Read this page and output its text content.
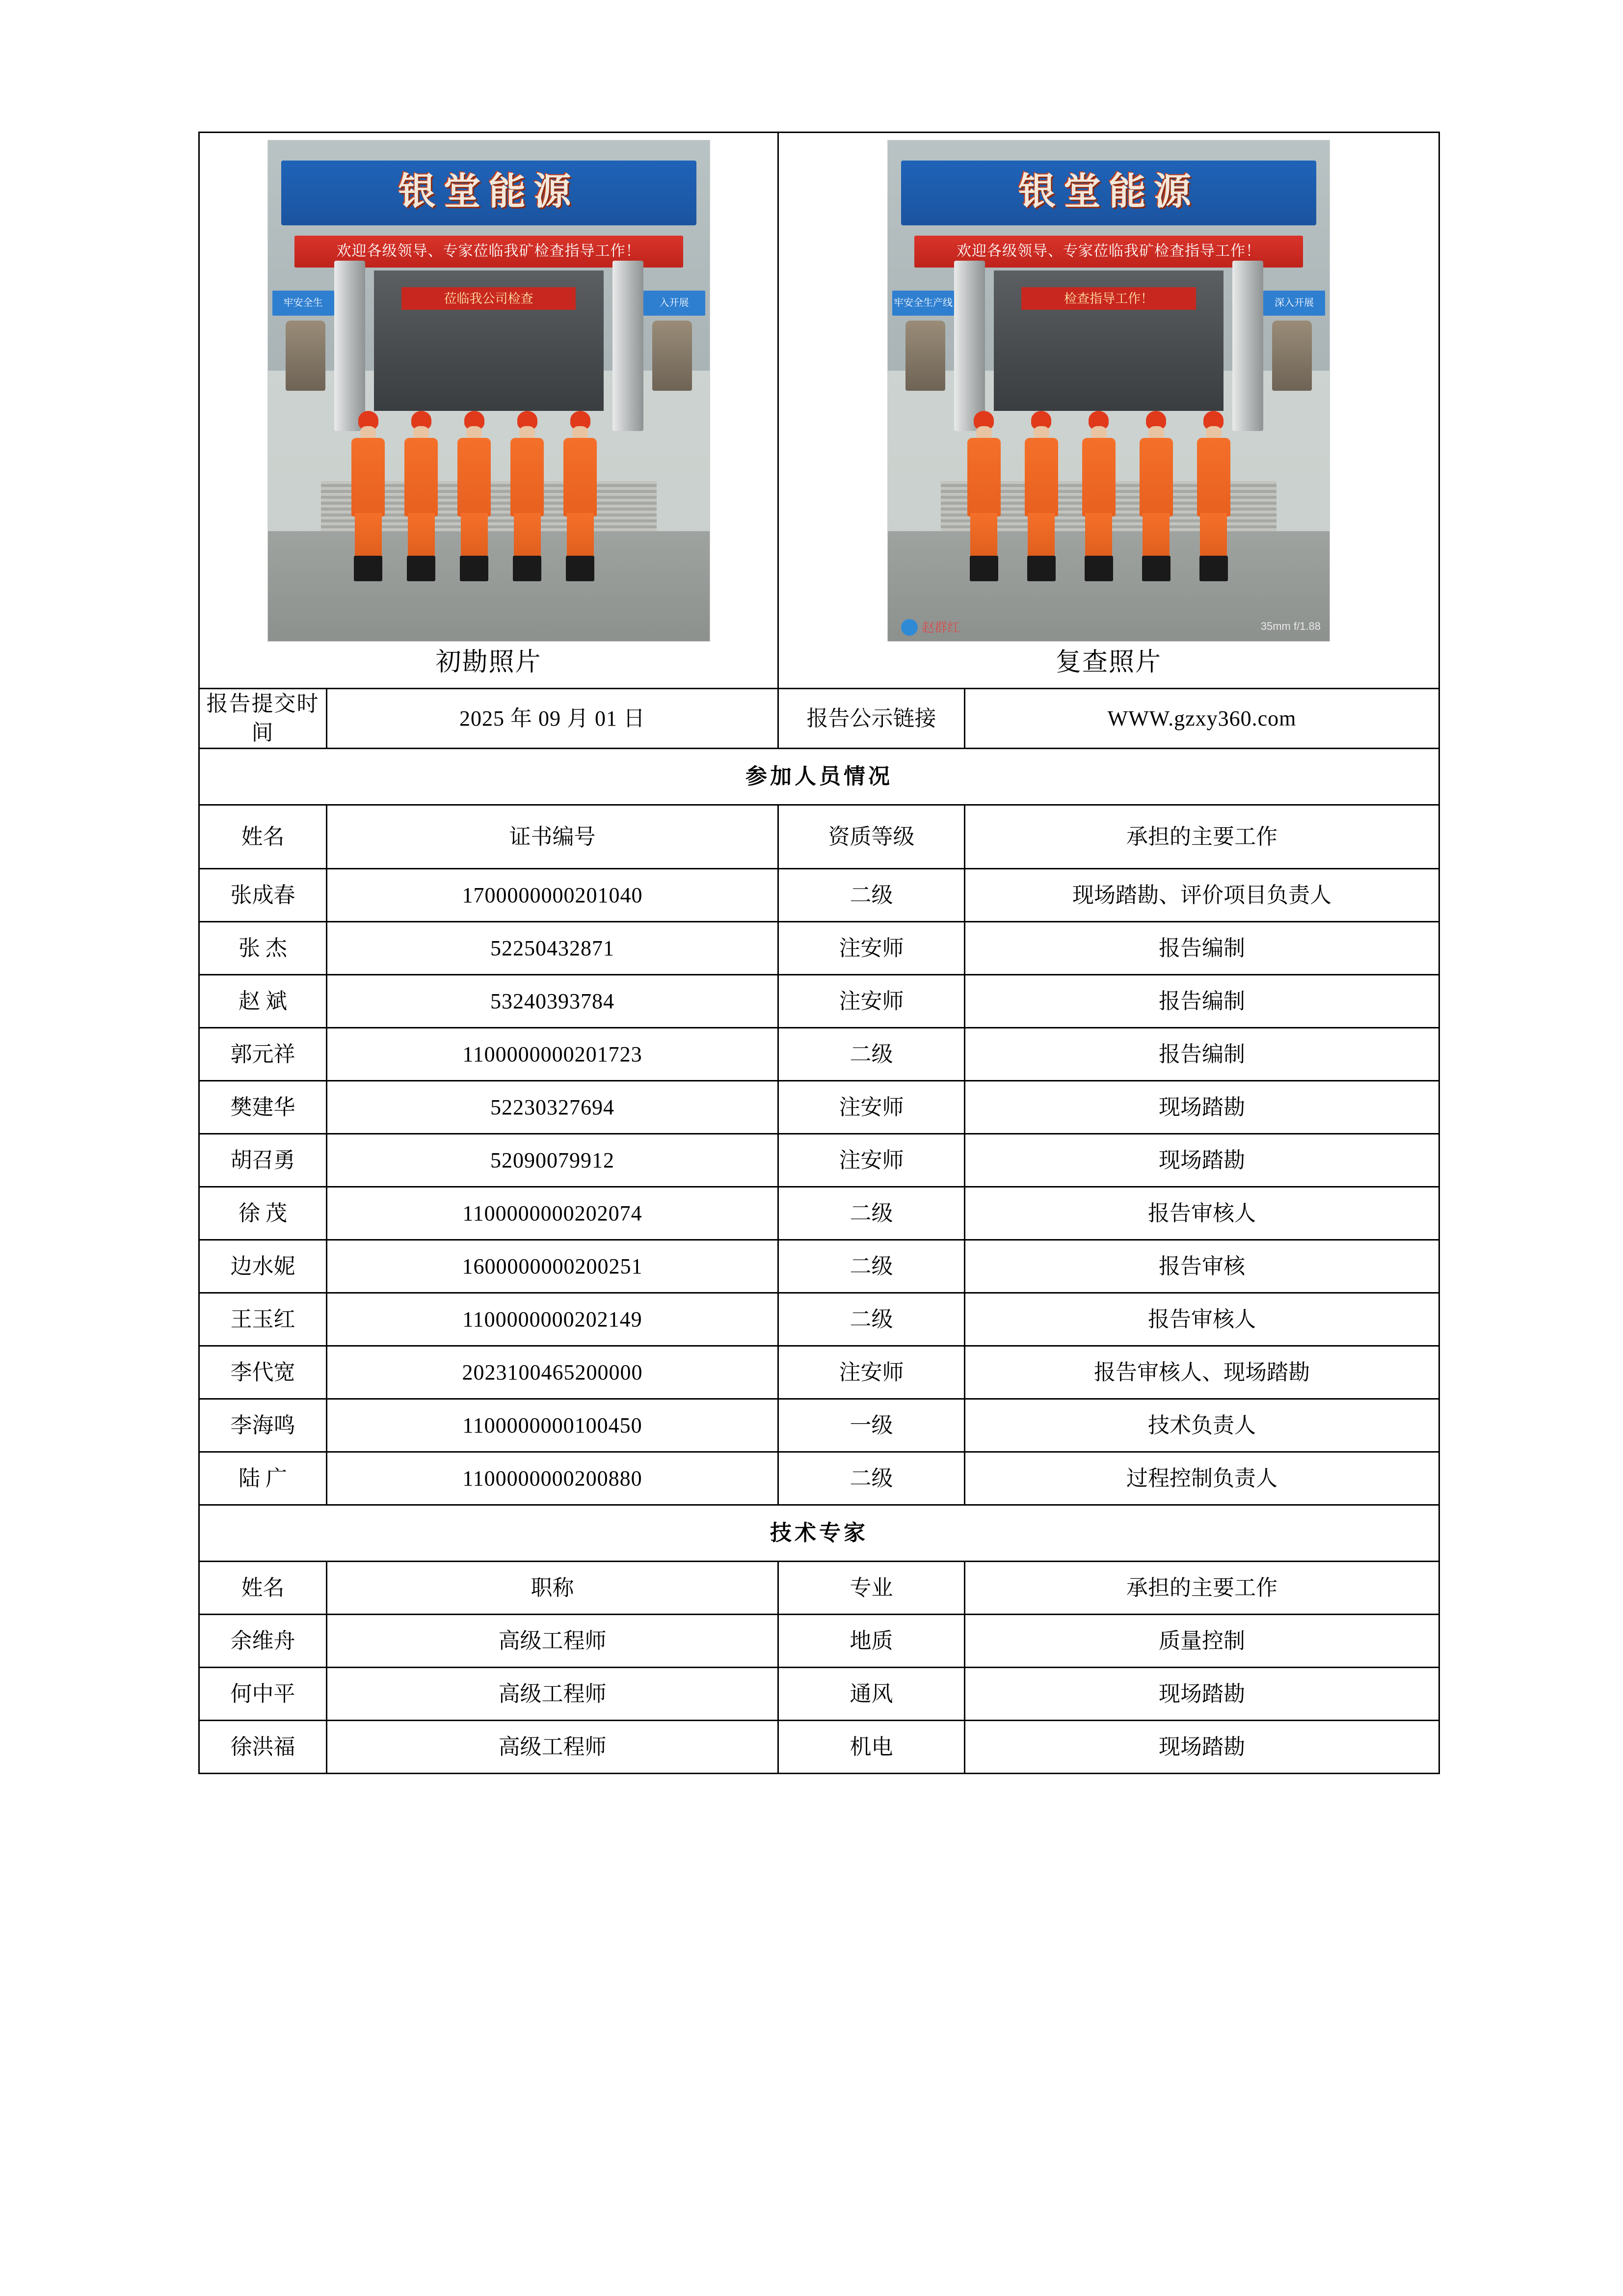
银堂能源
欢迎各级领导、专家莅临我矿检查指导工作！
莅临我公司检查
牢安全生	入开展
初勘照片

银堂能源
欢迎各级领导、专家莅临我矿检查指导工作！
检查指导工作！
牢安全生产线	深入开展
赵群红	35mm f/1.88
复查照片

报告提交时间	2025 年 09 月 01 日	报告公示链接	WWW.gzxy360.com
参加人员情况			
姓名	证书编号	资质等级	承担的主要工作
张成春	1700000000201040	二级	现场踏勘、评价项目负责人
张 杰	52250432871	注安师	报告编制
赵 斌	53240393784	注安师	报告编制
郭元祥	1100000000201723	二级	报告编制
樊建华	52230327694	注安师	现场踏勘
胡召勇	52090079912	注安师	现场踏勘
徐 茂	1100000000202074	二级	报告审核人
边水妮	1600000000200251	二级	报告审核
王玉红	1100000000202149	二级	报告审核人
李代宽	2023100465200000	注安师	报告审核人、现场踏勘
李海鸣	1100000000100450	一级	技术负责人
陆 广	1100000000200880	二级	过程控制负责人
技术专家			
姓名	职称	专业	承担的主要工作
余维舟	高级工程师	地质	质量控制
何中平	高级工程师	通风	现场踏勘
徐洪福	高级工程师	机电	现场踏勘
